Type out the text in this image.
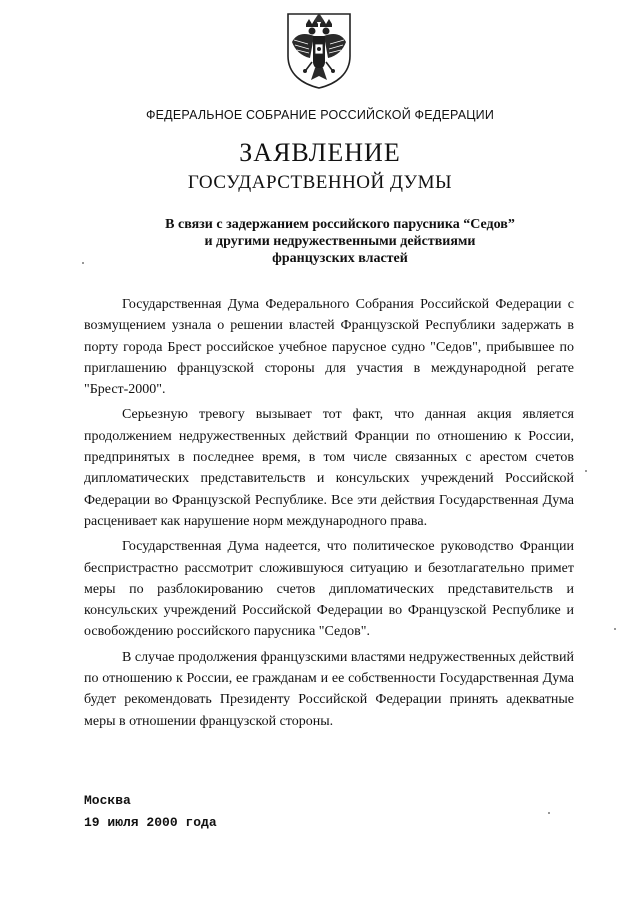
ФЕДЕРАЛЬНОЕ СОБРАНИЕ РОССИЙСКОЙ ФЕДЕРАЦИИ
ЗАЯВЛЕНИЕ
ГОСУДАРСТВЕННОЙ ДУМЫ
В связи с задержанием российского парусника “Седов”
и другими недружественными действиями
французских властей

Государственная Дума Федерального Собрания Российской Федерации с возмущением узнала о решении властей Французской Республики задержать в порту города Брест российское учебное парусное судно "Седов", прибывшее по приглашению французской стороны для участия в международной регате "Брест-2000".

Серьезную тревогу вызывает тот факт, что данная акция является продолжением недружественных действий Франции по отношению к России, предпринятых в последнее время, в том числе связанных с арестом счетов дипломатических представительств и консульских учреждений Российской Федерации во Французской Республике. Все эти действия Государственная Дума расценивает как нарушение норм международного права.

Государственная Дума надеется, что политическое руководство Франции беспристрастно рассмотрит сложившуюся ситуацию и безотлагательно примет меры по разблокированию счетов дипломатических представительств и консульских учреждений Российской Федерации во Французской Республике и освобождению российского парусника "Седов".

В случае продолжения французскими властями недружественных действий по отношению к России, ее гражданам и ее собственности Государственная Дума будет рекомендовать Президенту Российской Федерации принять адекватные меры в отношении французской стороны.

Москва
19 июля 2000 года
